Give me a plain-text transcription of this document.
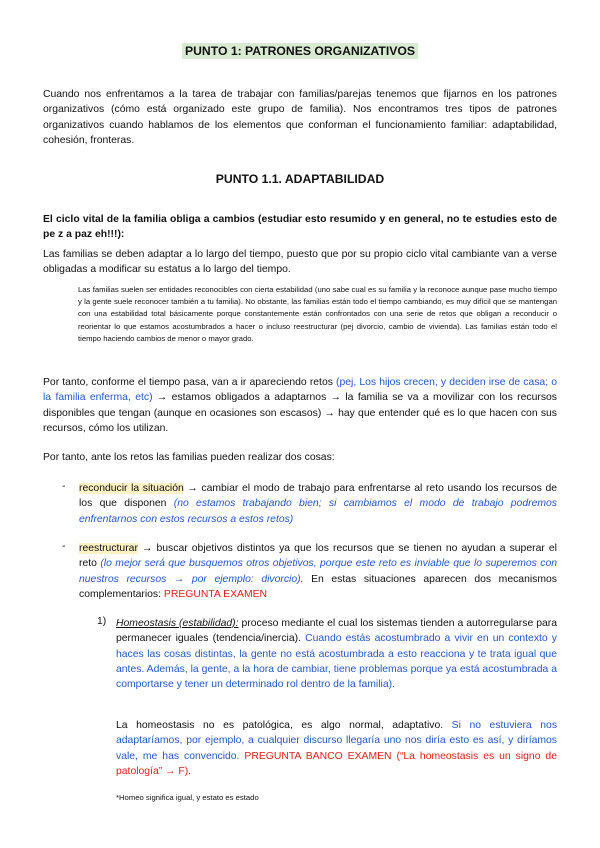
PUNTO 1: PATRONES ORGANIZATIVOS

Cuando nos enfrentamos a la tarea de trabajar con familias/parejas tenemos que fijarnos en los patrones organizativos (cómo está organizado este grupo de familia). Nos encontramos tres tipos de patrones organizativos cuando hablamos de los elementos que conforman el funcionamiento familiar: adaptabilidad, cohesión, fronteras.

PUNTO 1.1. ADAPTABILIDAD

El ciclo vital de la familia obliga a cambios (estudiar esto resumido y en general, no te estudies esto de pe z a paz eh!!!):

Las familias se deben adaptar a lo largo del tiempo, puesto que por su propio ciclo vital cambiante van a verse obligadas a modificar su estatus a lo largo del tiempo.

Las familias suelen ser entidades reconocibles con cierta estabilidad (uno sabe cual es su familia y la reconoce aunque pase mucho tiempo y la gente suele reconocer también a tu familia). No obstante, las familias están todo el tiempo cambiando, es muy difícil que se mantengan con una estabilidad total básicamente porque constantemente están confrontados con una serie de retos que obligan a reconducir o reorientar lo que estamos acostumbrados a hacer o incluso reestructurar (pej divorcio, cambio de vivienda). Las familias están todo el tiempo haciendo cambios de menor o mayor grado.

Por tanto, conforme el tiempo pasa, van a ir apareciendo retos (pej, Los hijos crecen, y deciden irse de casa; o la familia enferma, etc) → estamos obligados a adaptarnos → la familia se va a movilizar con los recursos disponibles que tengan (aunque en ocasiones son escasos) → hay que entender qué es lo que hacen con sus recursos, cómo los utilizan.

Por tanto, ante los retos las familias pueden realizar dos cosas:

- reconducir la situación → cambiar el modo de trabajo para enfrentarse al reto usando los recursos de los que disponen (no estamos trabajando bien; si cambiamos el modo de trabajo podremos enfrentarnos con estos recursos a estos retos)

- reestructurar → buscar objetivos distintos ya que los recursos que se tienen no ayudan a superar el reto (lo mejor será que busquemos otros objetivos, porque este reto es inviable que lo superemos con nuestros recursos → por ejemplo: divorcio). En estas situaciones aparecen dos mecanismos complementarios: PREGUNTA EXAMEN

1) Homeostasis (estabilidad): proceso mediante el cual los sistemas tienden a autorregularse para permanecer iguales (tendencia/inercia). Cuando estás acostumbrado a vivir en un contexto y haces las cosas distintas, la gente no está acostumbrada a esto reacciona y te trata igual que antes. Además, la gente, a la hora de cambiar, tiene problemas porque ya está acostumbrada a comportarse y tener un determinado rol dentro de la familia).

La homeostasis no es patológica, es algo normal, adaptativo. Si no estuviera nos adaptaríamos, por ejemplo, a cualquier discurso llegaría uno nos diría esto es así, y diríamos vale, me has convencido. PREGUNTA BANCO EXAMEN (“La homeostasis es un signo de patología” → F).

*Homeo significa igual, y estato es estado
